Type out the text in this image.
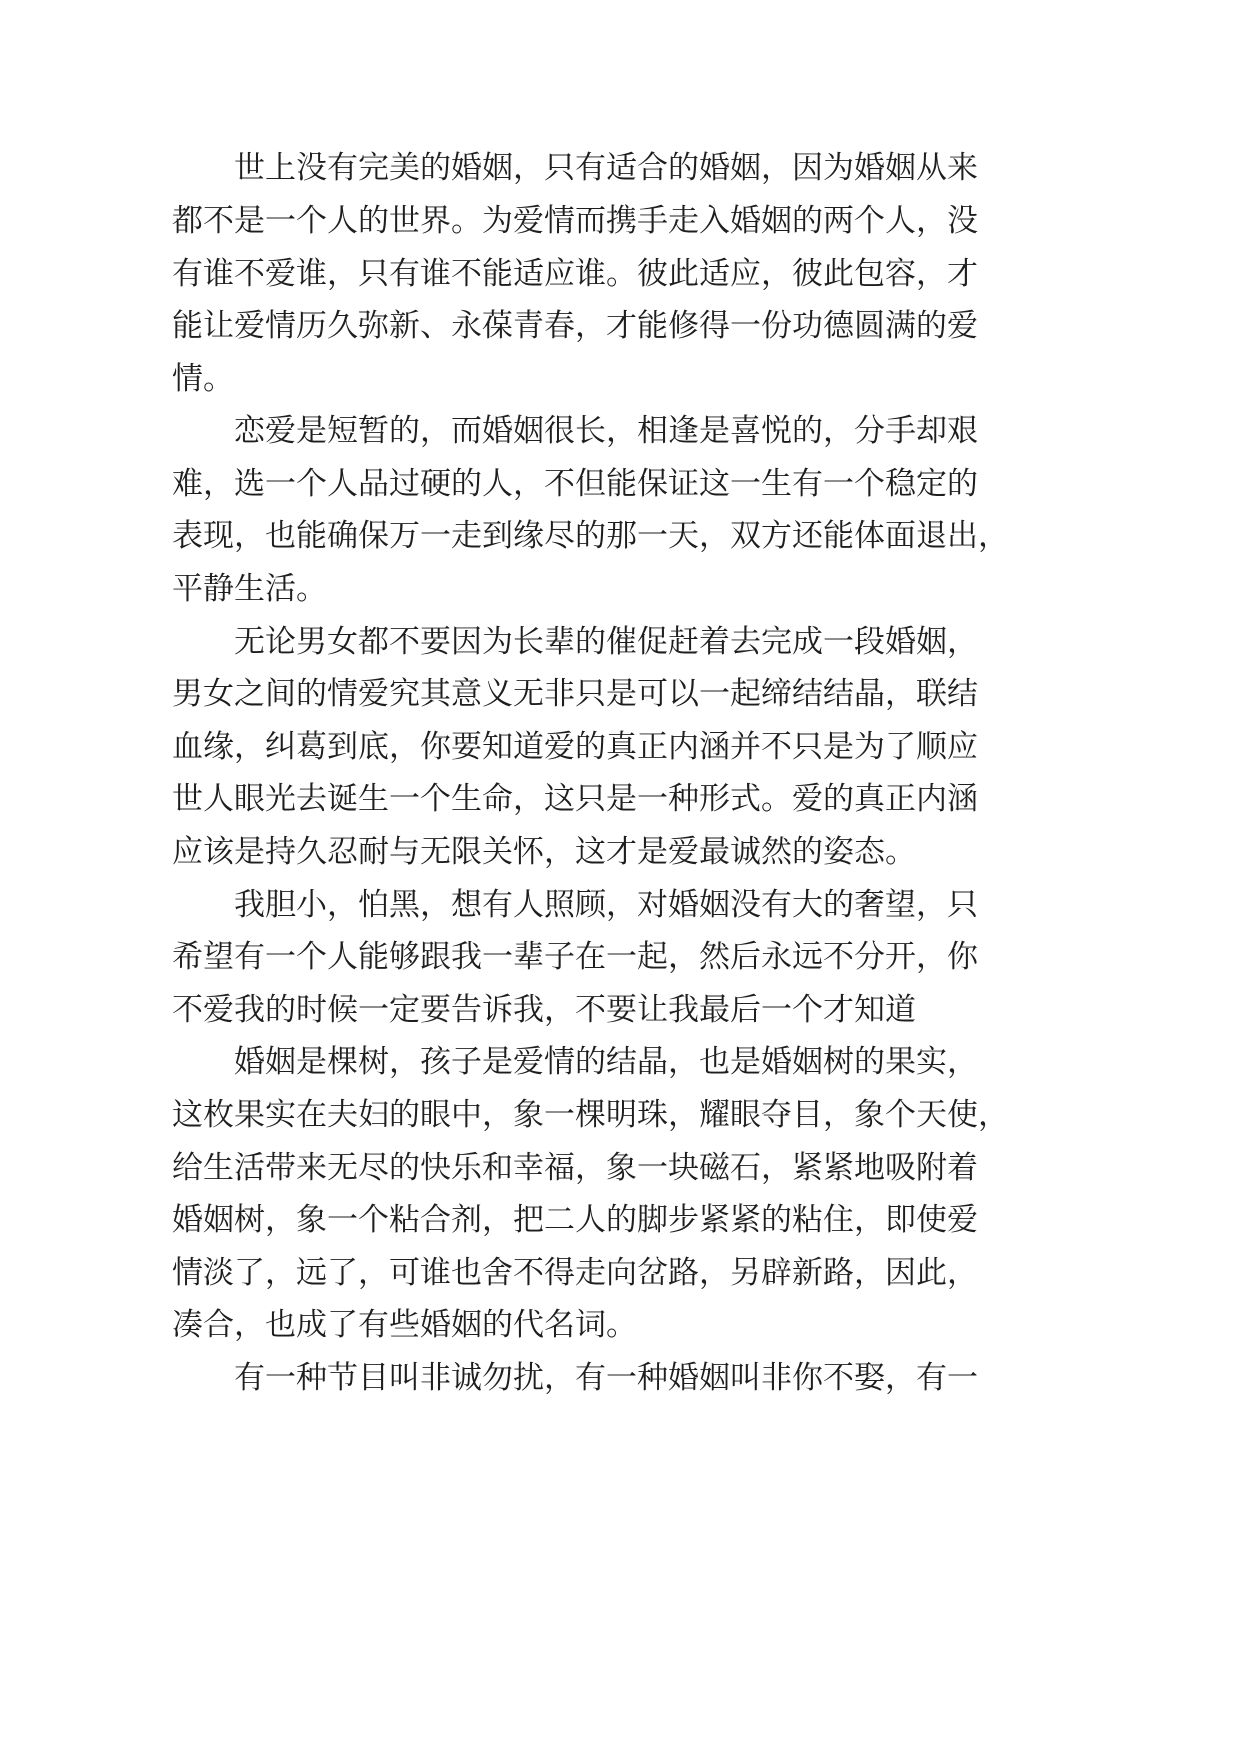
世上没有完美的婚姻，只有适合的婚姻，因为婚姻从来
都不是一个人的世界。为爱情而携手走入婚姻的两个人，没
有谁不爱谁，只有谁不能适应谁。彼此适应，彼此包容，才
能让爱情历久弥新、永葆青春，才能修得一份功德圆满的爱
情。
恋爱是短暂的，而婚姻很长，相逢是喜悦的，分手却艰
难，选一个人品过硬的人，不但能保证这一生有一个稳定的
表现，也能确保万一走到缘尽的那一天，双方还能体面退出，
平静生活。
无论男女都不要因为长辈的催促赶着去完成一段婚姻，
男女之间的情爱究其意义无非只是可以一起缔结结晶，联结
血缘，纠葛到底，你要知道爱的真正内涵并不只是为了顺应
世人眼光去诞生一个生命，这只是一种形式。爱的真正内涵
应该是持久忍耐与无限关怀，这才是爱最诚然的姿态。
我胆小，怕黑，想有人照顾，对婚姻没有大的奢望，只
希望有一个人能够跟我一辈子在一起，然后永远不分开，你
不爱我的时候一定要告诉我，不要让我最后一个才知道
婚姻是棵树，孩子是爱情的结晶，也是婚姻树的果实，
这枚果实在夫妇的眼中，象一棵明珠，耀眼夺目，象个天使，
给生活带来无尽的快乐和幸福，象一块磁石，紧紧地吸附着
婚姻树，象一个粘合剂，把二人的脚步紧紧的粘住，即使爱
情淡了，远了，可谁也舍不得走向岔路，另辟新路，因此，
凑合，也成了有些婚姻的代名词。
有一种节目叫非诚勿扰，有一种婚姻叫非你不娶，有一
